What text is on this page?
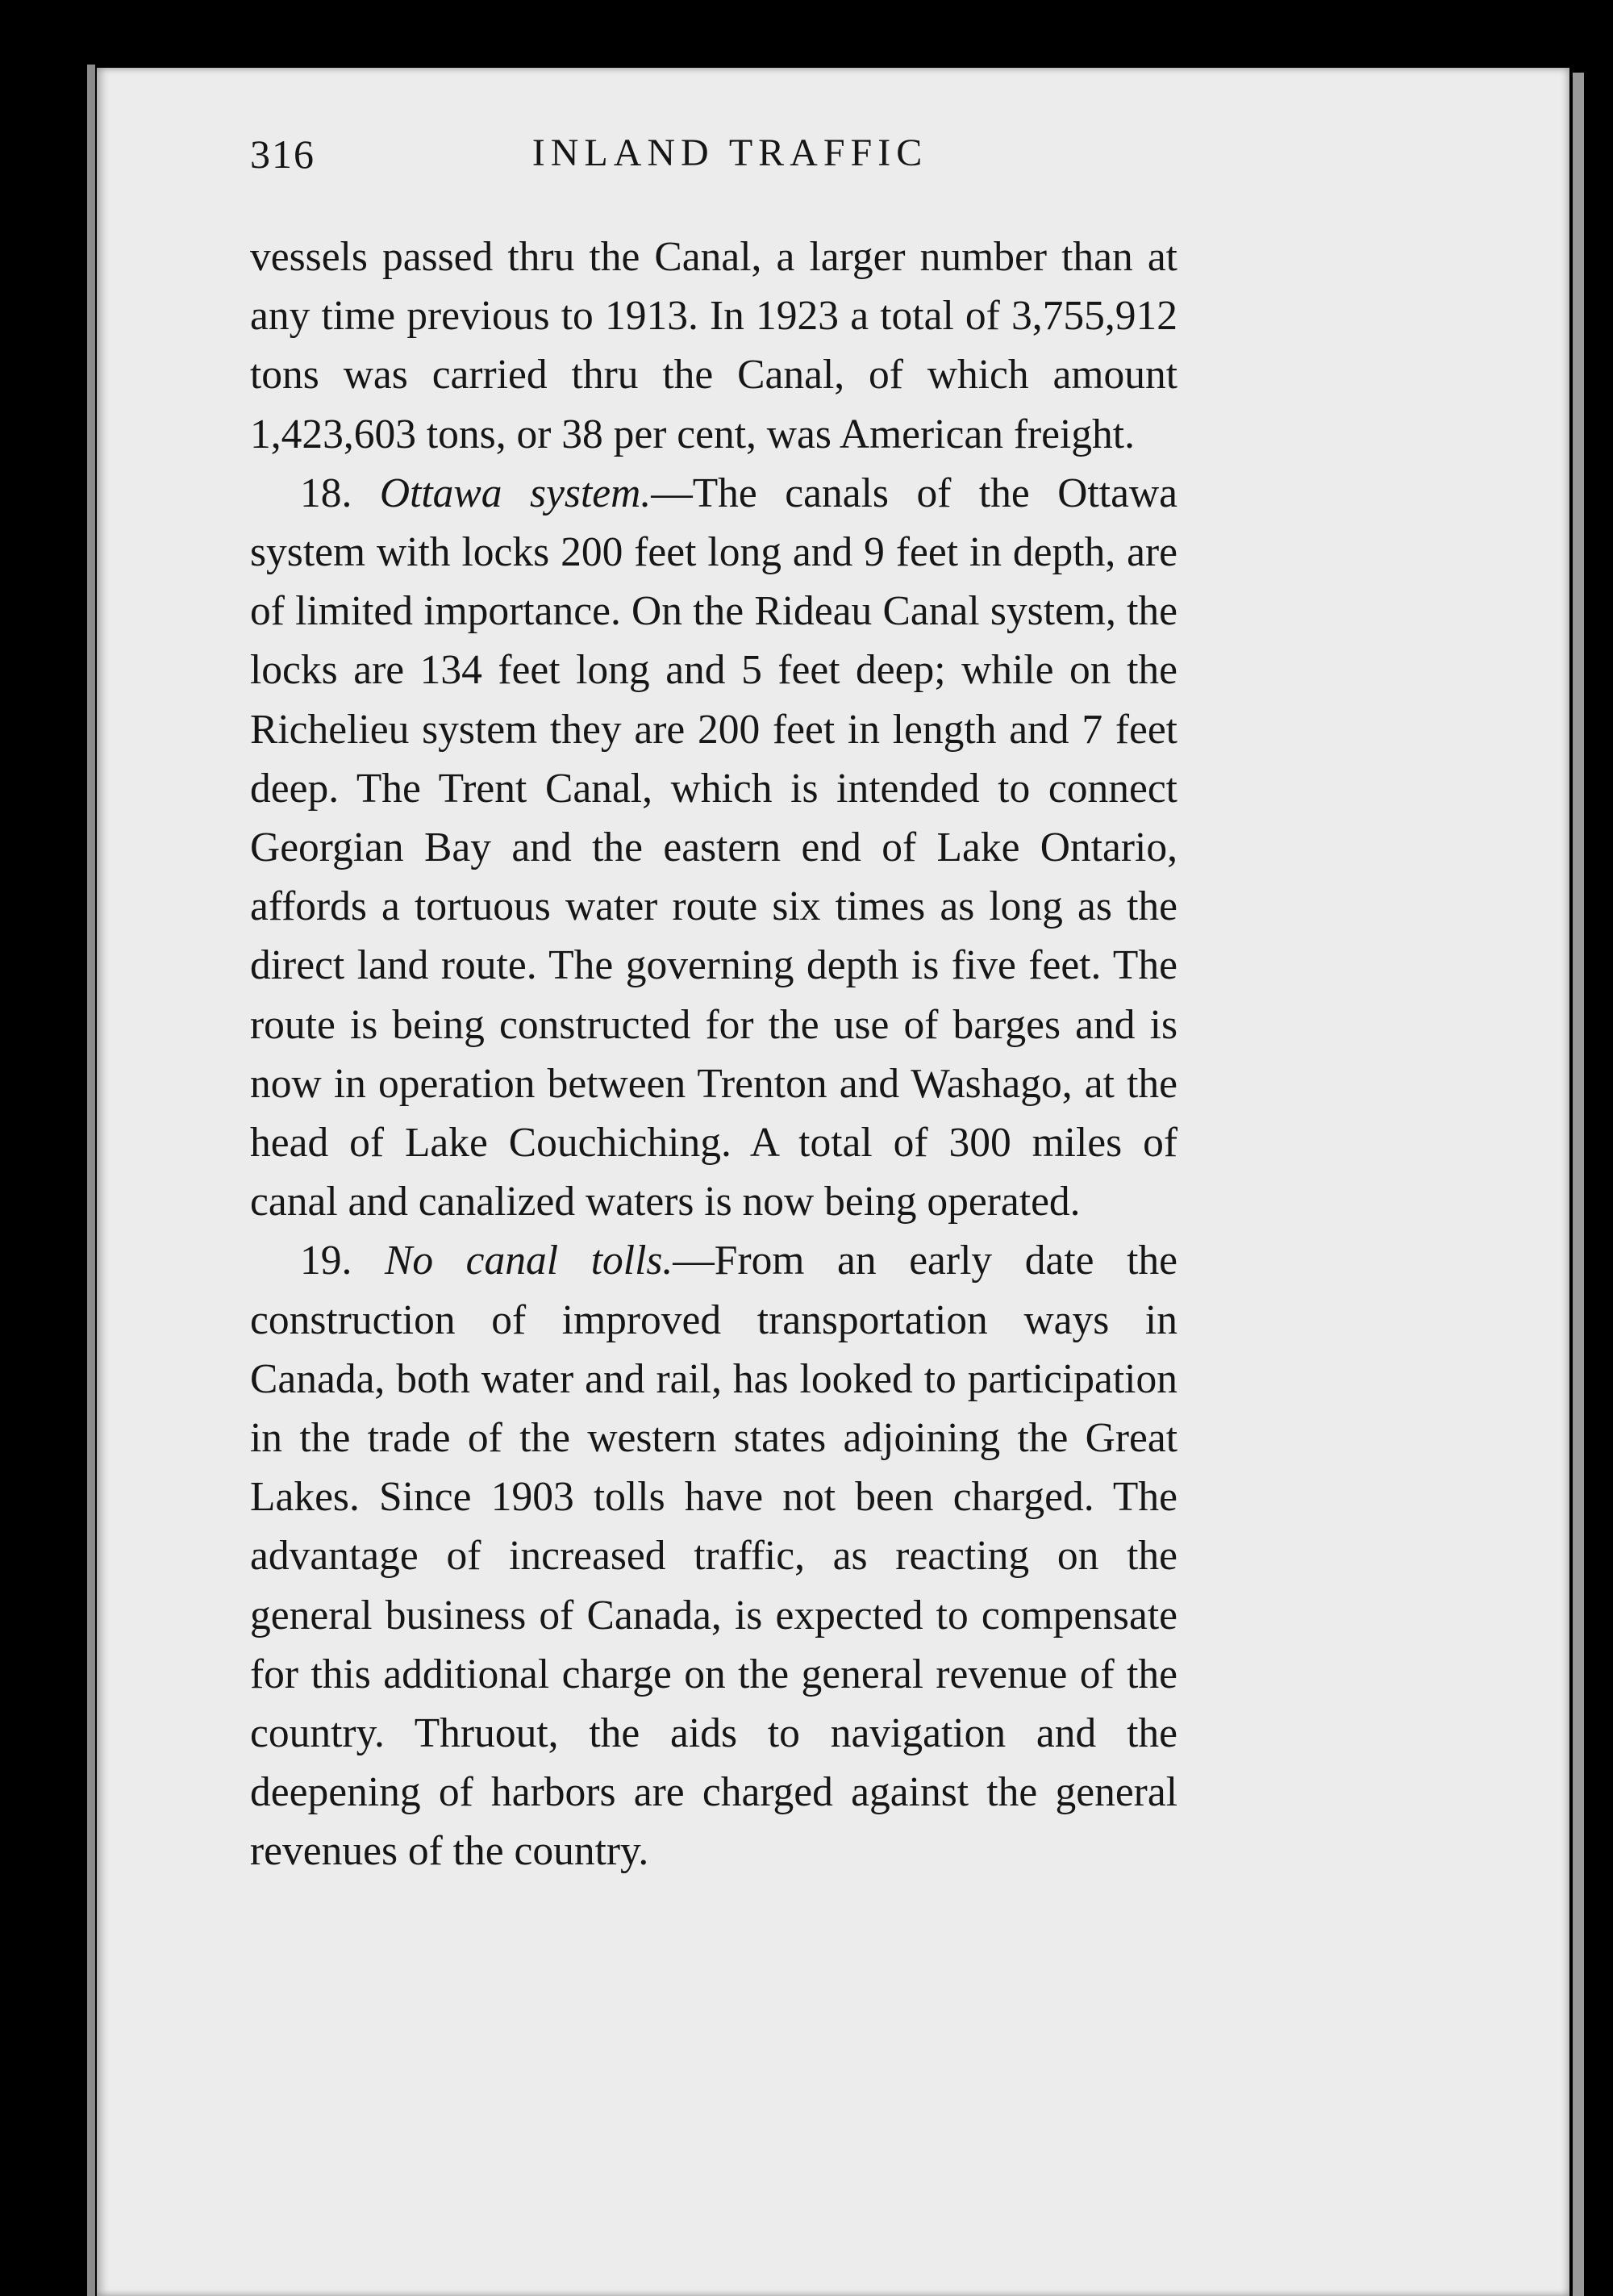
316	INLAND TRAFFIC

vessels passed thru the Canal, a larger number than at any time previous to 1913. In 1923 a total of 3,755,912 tons was carried thru the Canal, of which amount 1,423,603 tons, or 38 per cent, was American freight.

18. Ottawa system.—The canals of the Ottawa system with locks 200 feet long and 9 feet in depth, are of limited importance. On the Rideau Canal system, the locks are 134 feet long and 5 feet deep; while on the Richelieu system they are 200 feet in length and 7 feet deep. The Trent Canal, which is intended to connect Georgian Bay and the eastern end of Lake Ontario, affords a tortuous water route six times as long as the direct land route. The governing depth is five feet. The route is being constructed for the use of barges and is now in operation between Trenton and Washago, at the head of Lake Couchiching. A total of 300 miles of canal and canalized waters is now being operated.

19. No canal tolls.—From an early date the construction of improved transportation ways in Canada, both water and rail, has looked to participation in the trade of the western states adjoining the Great Lakes. Since 1903 tolls have not been charged. The advantage of increased traffic, as reacting on the general business of Canada, is expected to compensate for this additional charge on the general revenue of the country. Thruout, the aids to navigation and the deepening of harbors are charged against the general revenues of the country.
